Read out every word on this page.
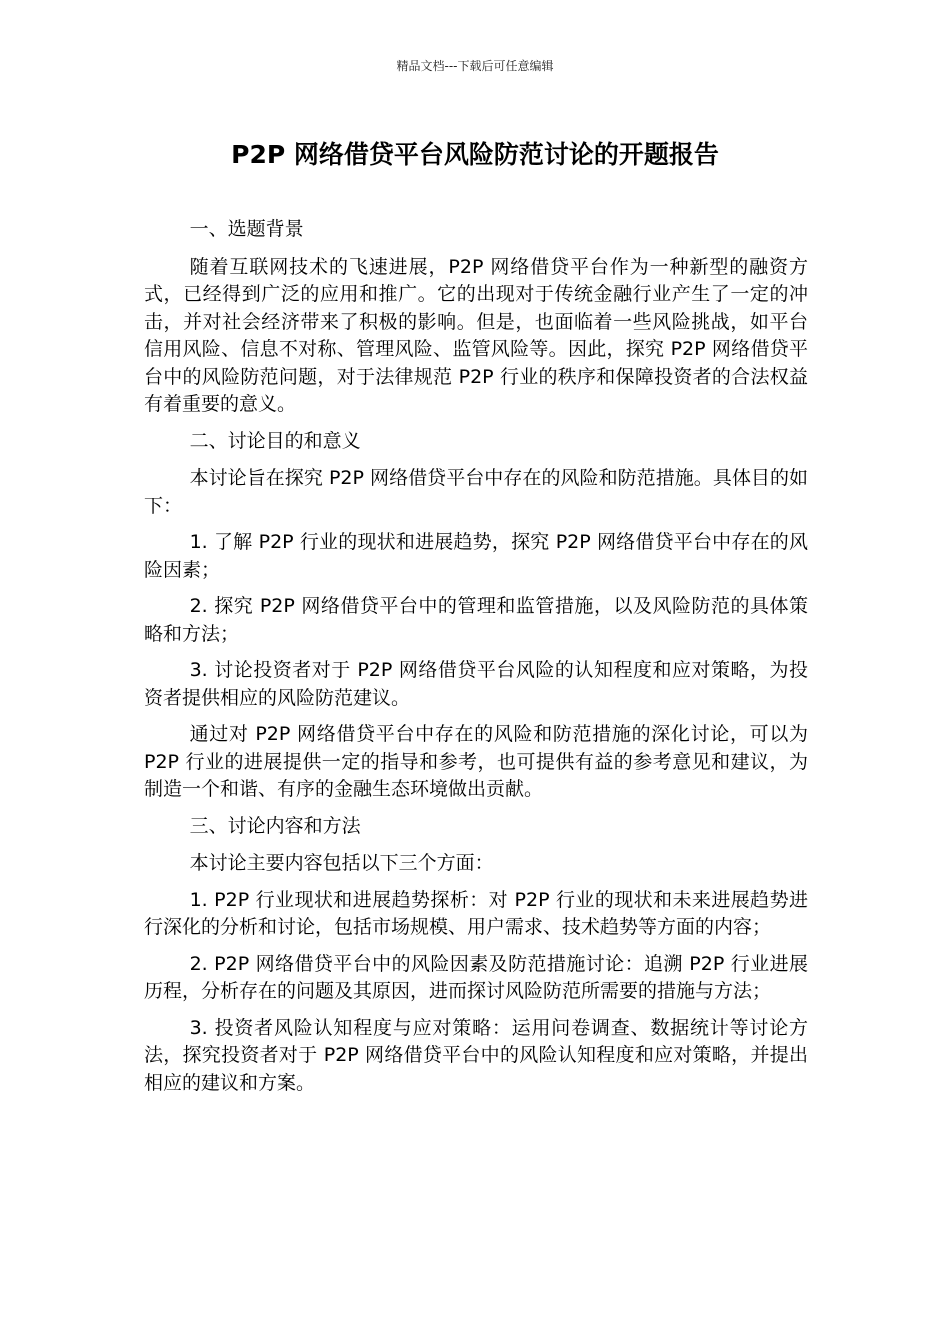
精品文档---下载后可任意编辑
P2P 网络借贷平台风险防范讨论的开题报告

一、选题背景

随着互联网技术的飞速进展，P2P 网络借贷平台作为一种新型的融资方式，已经得到广泛的应用和推广。它的出现对于传统金融行业产生了一定的冲击，并对社会经济带来了积极的影响。但是，也面临着一些风险挑战，如平台信用风险、信息不对称、管理风险、监管风险等。因此，探究 P2P 网络借贷平台中的风险防范问题，对于法律规范 P2P 行业的秩序和保障投资者的合法权益有着重要的意义。

二、讨论目的和意义

本讨论旨在探究 P2P 网络借贷平台中存在的风险和防范措施。具体目的如下：

1. 了解 P2P 行业的现状和进展趋势，探究 P2P 网络借贷平台中存在的风险因素；

2. 探究 P2P 网络借贷平台中的管理和监管措施，以及风险防范的具体策略和方法；

3. 讨论投资者对于 P2P 网络借贷平台风险的认知程度和应对策略，为投资者提供相应的风险防范建议。

通过对 P2P 网络借贷平台中存在的风险和防范措施的深化讨论，可以为 P2P 行业的进展提供一定的指导和参考，也可提供有益的参考意见和建议，为制造一个和谐、有序的金融生态环境做出贡献。

三、讨论内容和方法

本讨论主要内容包括以下三个方面：

1. P2P 行业现状和进展趋势探析：对 P2P 行业的现状和未来进展趋势进行深化的分析和讨论，包括市场规模、用户需求、技术趋势等方面的内容；

2. P2P 网络借贷平台中的风险因素及防范措施讨论：追溯 P2P 行业进展历程，分析存在的问题及其原因，进而探讨风险防范所需要的措施与方法；

3. 投资者风险认知程度与应对策略：运用问卷调查、数据统计等讨论方法，探究投资者对于 P2P 网络借贷平台中的风险认知程度和应对策略，并提出相应的建议和方案。
